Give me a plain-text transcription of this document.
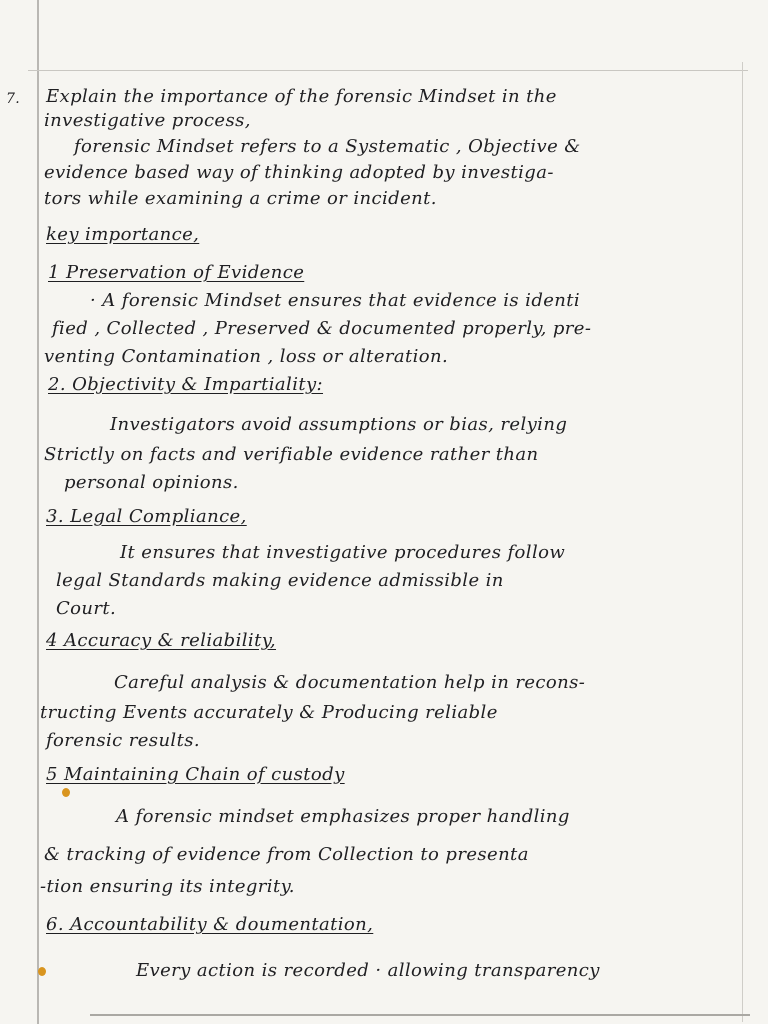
7. Explain the importance of the forensic Mindset in the
investigative process,
forensic Mindset refers to a Systematic , Objective &
evidence based way of thinking adopted by investiga-
tors while examining a crime or incident.
key importance,
1 Preservation of Evidence
· A forensic Mindset ensures that evidence is identi
fied , Collected , Preserved & documented properly, pre-
venting Contamination , loss or alteration.
2. Objectivity & Impartiality:
Investigators avoid assumptions or bias, relying
Strictly on facts and verifiable evidence rather than
personal opinions.
3. Legal Compliance,
It ensures that investigative procedures follow
legal Standards making evidence admissible in
Court.
4 Accuracy & reliability,
Careful analysis & documentation help in recons-
tructing Events accurately & Producing reliable
forensic results.
5 Maintaining Chain of custody
A forensic mindset emphasizes proper handling
& tracking of evidence from Collection to presenta
-tion ensuring its integrity.
6. Accountability & doumentation,
Every action is recorded · allowing transparency
